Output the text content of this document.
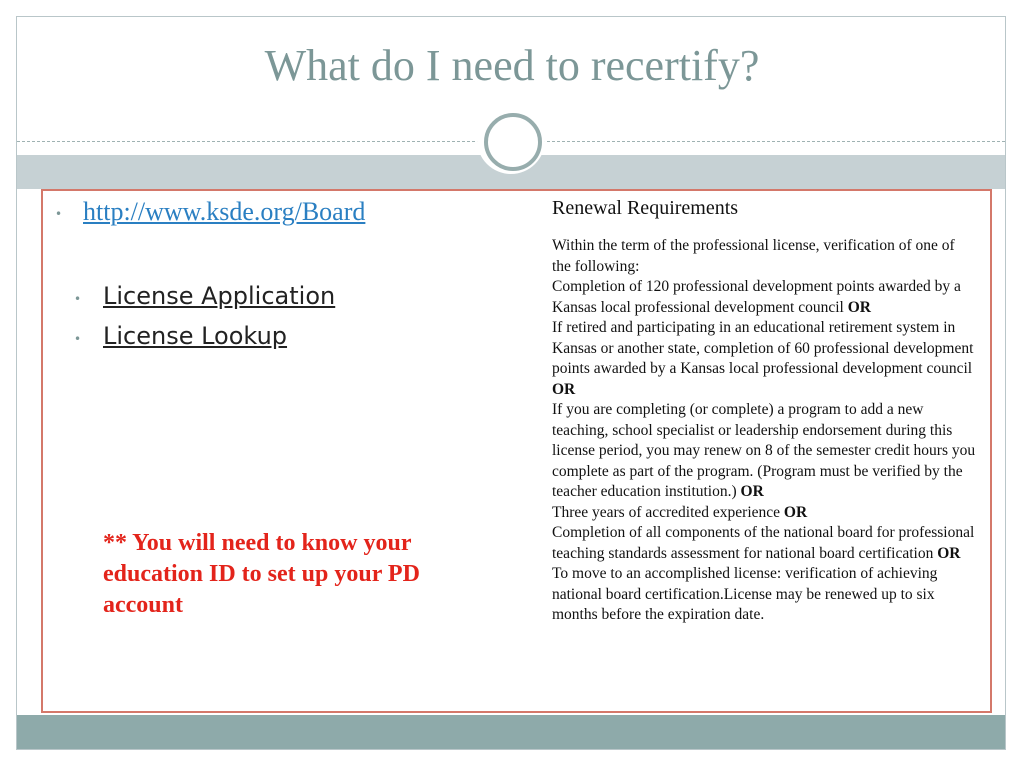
What do I need to recertify?
• http://www.ksde.org/Board
• License Application
• License Lookup
** You will need to know your education ID to set up your PD account
Renewal Requirements
Within the term of the professional license, verification of one of the following:
Completion of 120 professional development points awarded by a Kansas local professional development council OR
If retired and participating in an educational retirement system in Kansas or another state, completion of 60 professional development points awarded by a Kansas local professional development council OR
If you are completing (or complete) a program to add a new teaching, school specialist or leadership endorsement during this license period, you may renew on 8 of the semester credit hours you complete as part of the program. (Program must be verified by the teacher education institution.) OR
Three years of accredited experience OR
Completion of all components of the national board for professional teaching standards assessment for national board certification OR
To move to an accomplished license: verification of achieving national board certification.License may be renewed up to six months before the expiration date.
